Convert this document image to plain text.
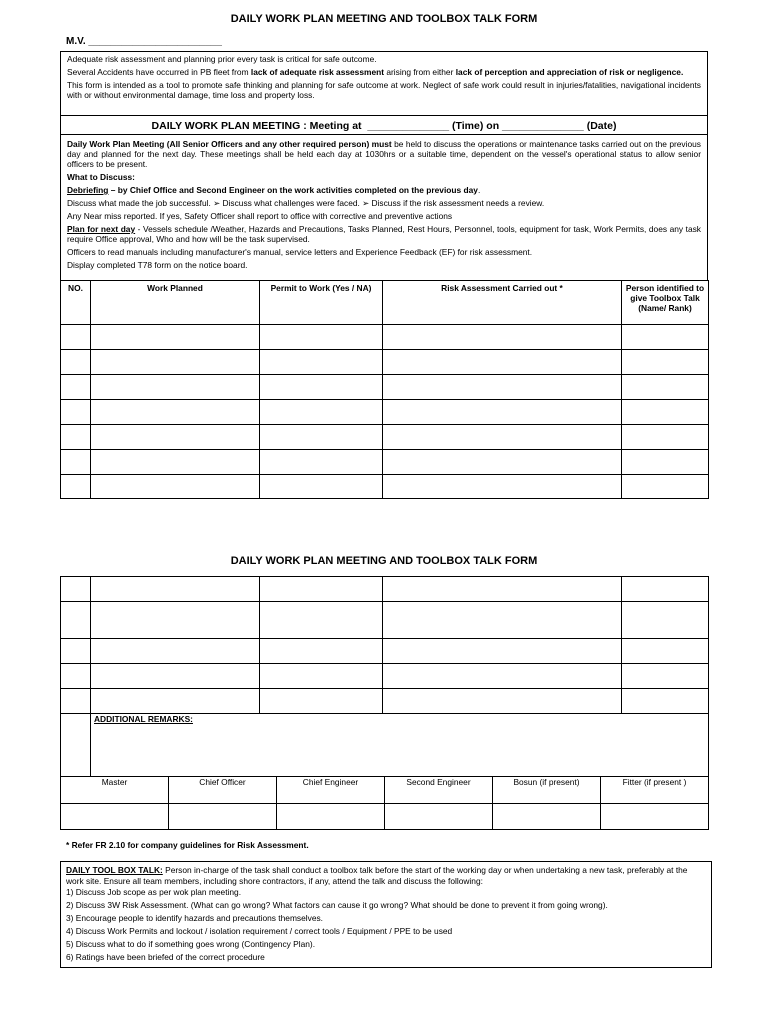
DAILY WORK PLAN MEETING AND TOOLBOX TALK FORM
M.V. ________________________

Adequate risk assessment and planning prior every task is critical for safe outcome.

Several Accidents have occurred in PB fleet from lack of adequate risk assessment arising from either lack of perception and appreciation of risk or negligence.

This form is intended as a tool to promote safe thinking and planning for safe outcome at work. Neglect of safe work could result in injuries/fatalities, navigational incidents with or without environmental damage, time loss and property loss.

DAILY WORK PLAN MEETING : Meeting at  ______________ (Time) on ______________ (Date)

Daily Work Plan Meeting (All Senior Officers and any other required person) must be held to discuss the operations or maintenance tasks carried out on the previous day and planned for the next day. These meetings shall be held each day at 1030hrs or a suitable time, dependent on the vessel's operational status to allow senior officers to be present.

What to Discuss:

Debriefing – by Chief Office and Second Engineer on the work activities completed on the previous day.

Discuss what made the job successful. ➢ Discuss what challenges were faced. ➢ Discuss if the risk assessment needs a review.

Any Near miss reported. If yes, Safety Officer shall report to office with corrective and preventive actions

Plan for next day - Vessels schedule /Weather, Hazards and Precautions, Tasks Planned, Rest Hours, Personnel, tools, equipment for task, Work Permits, does any task require Office approval, Who and how will be the task supervised.

Officers to read manuals including manufacturer's manual, service letters and Experience Feedback (EF) for risk assessment.

Display completed T78 form on the notice board.

NO.	Work Planned	Permit to Work (Yes / NA)	Risk Assessment Carried out *	Person identified to give Toolbox Talk (Name/ Rank)

DAILY WORK PLAN MEETING AND TOOLBOX TALK FORM

	ADDITIONAL REMARKS:			
Master	Chief Officer	Chief Engineer	Second Engineer	Bosun (if present)	Fitter (if present )

* Refer FR 2.10 for company guidelines for Risk Assessment.

DAILY TOOL BOX TALK: Person in-charge of the task shall conduct a toolbox talk before the start of the working day or when undertaking a new task, preferably at the work site. Ensure all team members, including shore contractors, if any, attend the talk and discuss the following:

1) Discuss Job scope as per wok plan meeting.

2) Discuss 3W Risk Assessment. (What can go wrong? What factors can cause it go wrong? What should be done to prevent it from going wrong).

3) Encourage people to identify hazards and precautions themselves.

4) Discuss Work Permits and lockout / isolation requirement / correct tools / Equipment / PPE to be used

5) Discuss what to do if something goes wrong (Contingency Plan).

6) Ratings have been briefed of the correct procedure
